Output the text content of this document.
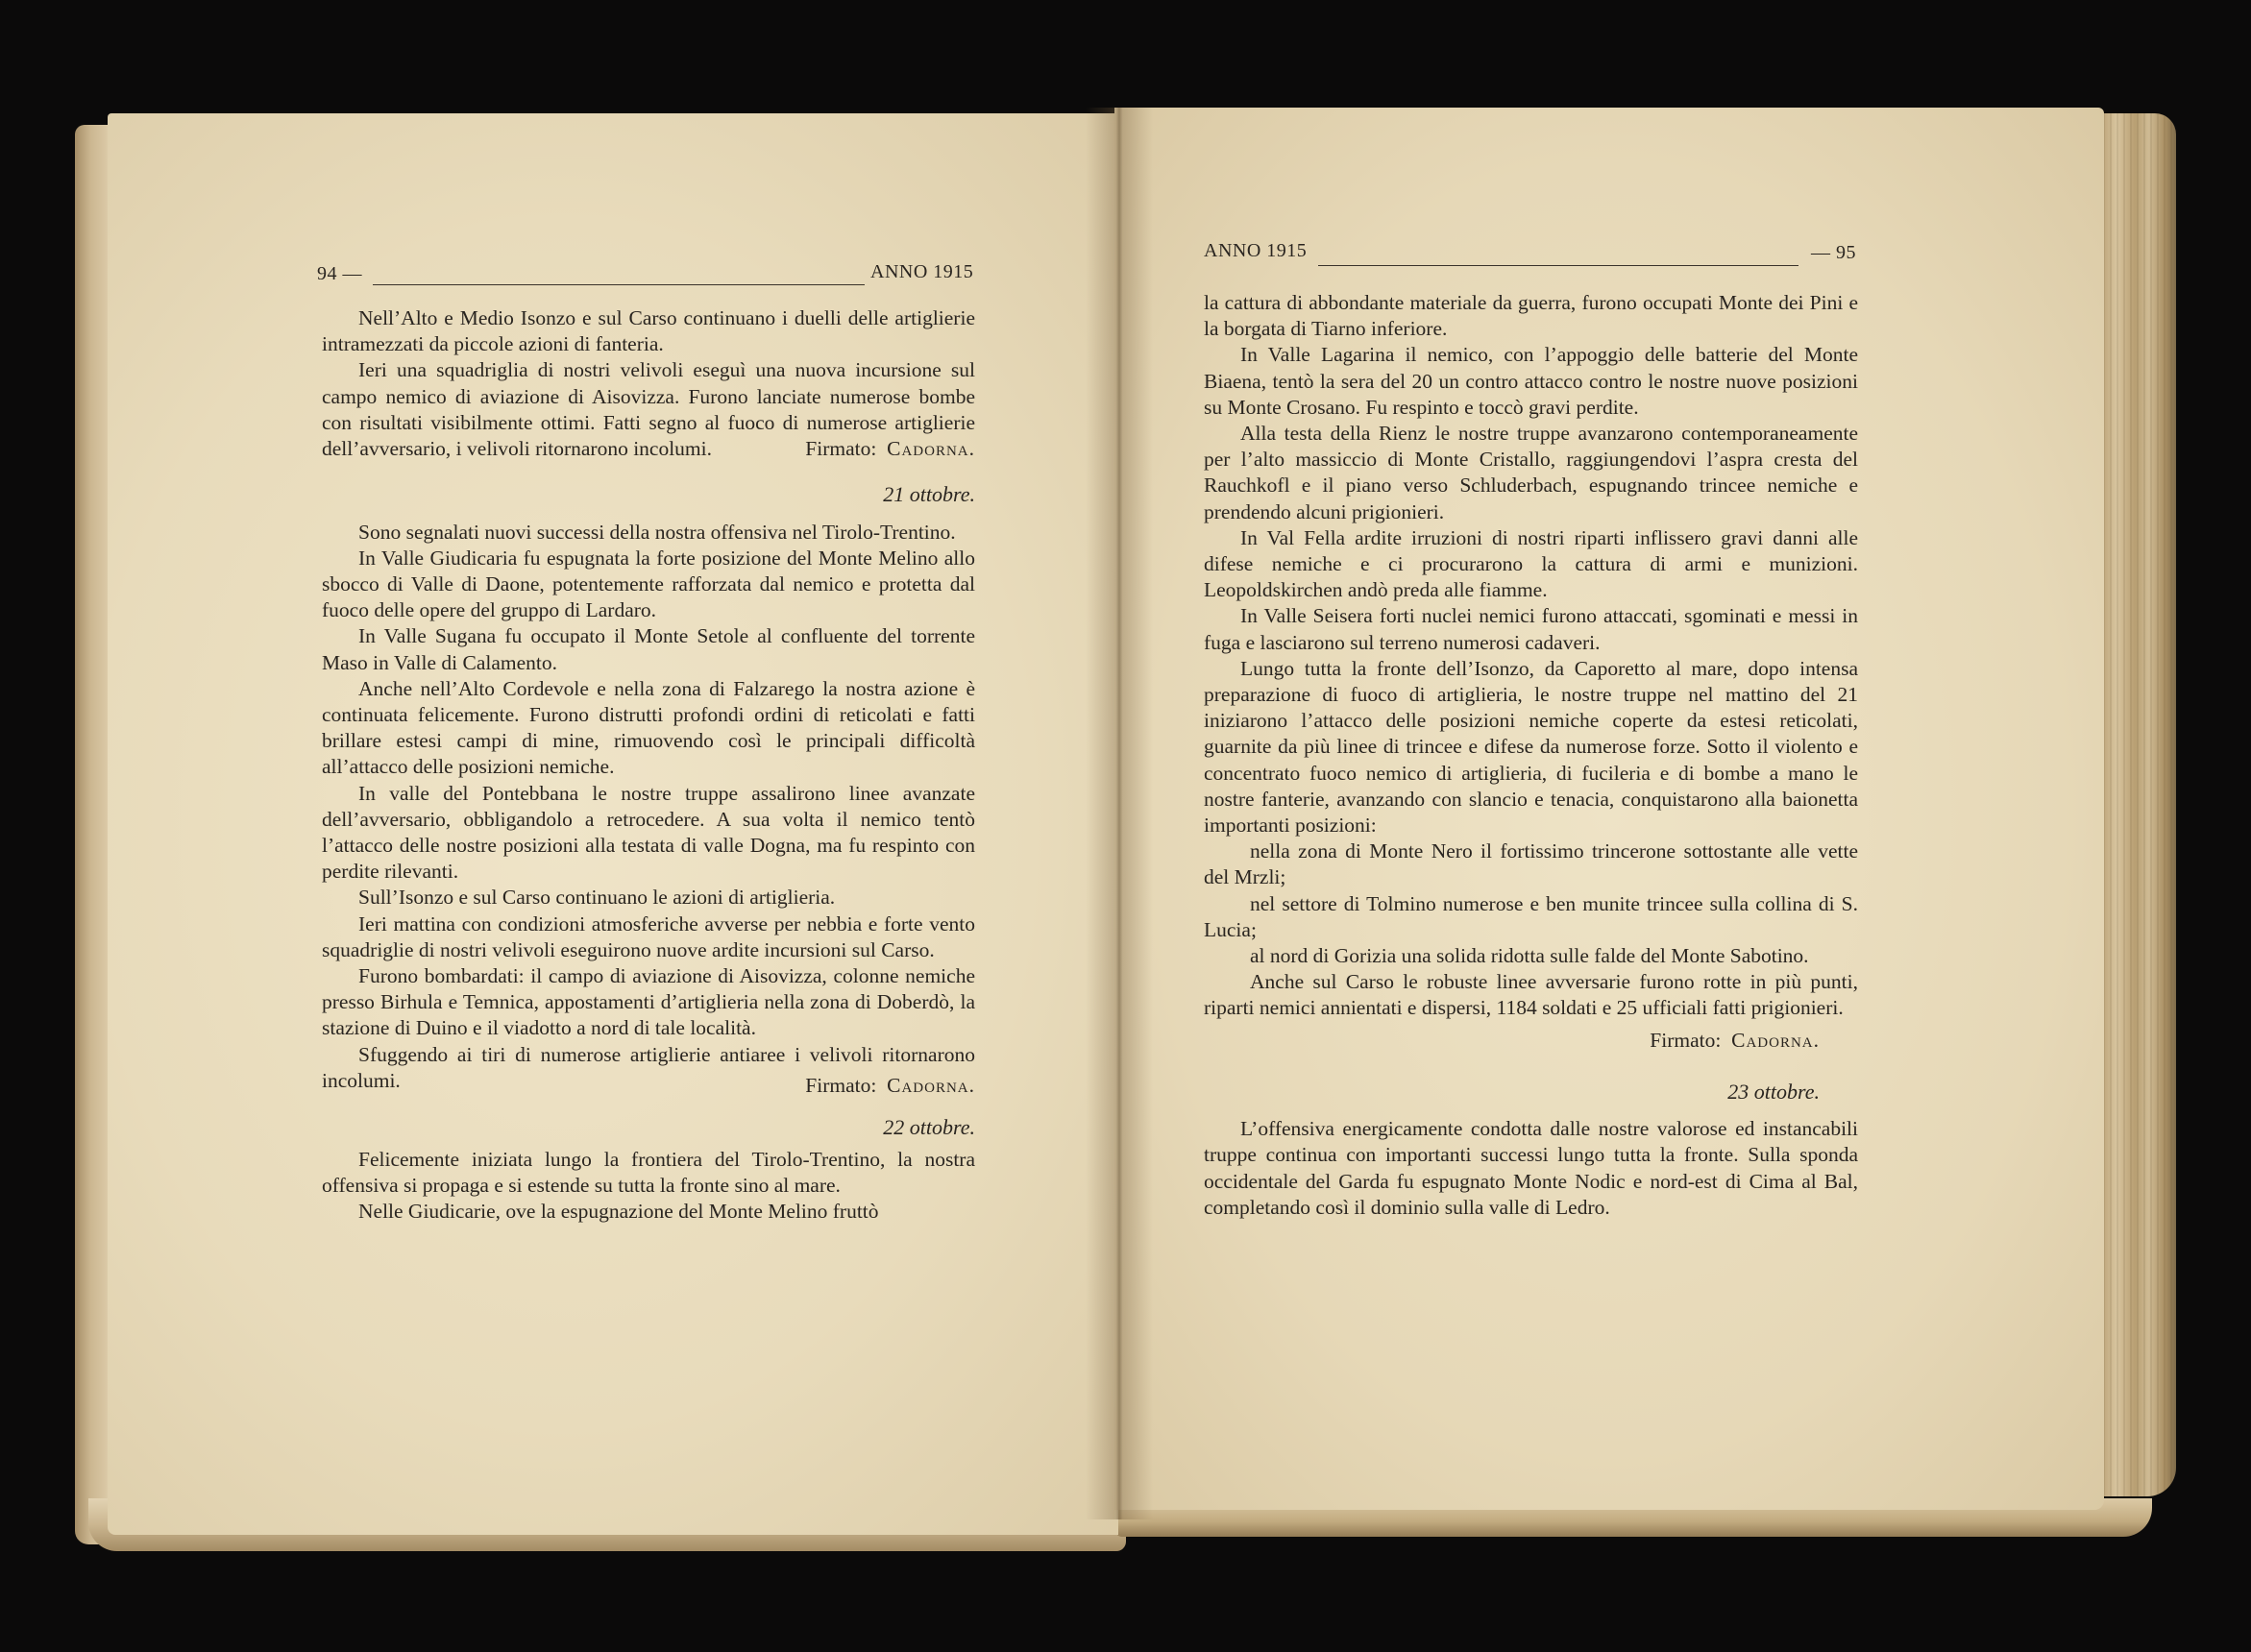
94 —	ANNO 1915

Nell’Alto e Medio Isonzo e sul Carso continuano i duelli delle artiglierie intramezzati da piccole azioni di fanteria.

Ieri una squadriglia di nostri velivoli eseguì una nuova incursione sul campo nemico di aviazione di Aisovizza. Furono lanciate numerose bombe con risultati visibilmente ottimi. Fatti segno al fuoco di numerose artiglierie dell’avversario, i velivoli ritornarono incolumi.	Firmato: Cadorna.

21 ottobre.

Sono segnalati nuovi successi della nostra offensiva nel Tirolo-Trentino.

In Valle Giudicaria fu espugnata la forte posizione del Monte Melino allo sbocco di Valle di Daone, potentemente rafforzata dal nemico e protetta dal fuoco delle opere del gruppo di Lardaro.

In Valle Sugana fu occupato il Monte Setole al confluente del torrente Maso in Valle di Calamento.

Anche nell’Alto Cordevole e nella zona di Falzarego la nostra azione è continuata felicemente. Furono distrutti profondi ordini di reticolati e fatti brillare estesi campi di mine, rimuovendo così le principali difficoltà all’attacco delle posizioni nemiche.

In valle del Pontebbana le nostre truppe assalirono linee avanzate dell’avversario, obbligandolo a retrocedere. A sua volta il nemico tentò l’attacco delle nostre posizioni alla testata di valle Dogna, ma fu respinto con perdite rilevanti.

Sull’Isonzo e sul Carso continuano le azioni di artiglieria.

Ieri mattina con condizioni atmosferiche avverse per nebbia e forte vento squadriglie di nostri velivoli eseguirono nuove ardite incursioni sul Carso.

Furono bombardati: il campo di aviazione di Aisovizza, colonne nemiche presso Birhula e Temnica, appostamenti d’artiglieria nella zona di Doberdò, la stazione di Duino e il viadotto a nord di tale località.

Sfuggendo ai tiri di numerose artiglierie antiaree i velivoli ritornarono incolumi.	Firmato: Cadorna.

22 ottobre.

Felicemente iniziata lungo la frontiera del Tirolo-Trentino, la nostra offensiva si propaga e si estende su tutta la fronte sino al mare.

Nelle Giudicarie, ove la espugnazione del Monte Melino fruttò

ANNO 1915	— 95

la cattura di abbondante materiale da guerra, furono occupati Monte dei Pini e la borgata di Tiarno inferiore.

In Valle Lagarina il nemico, con l’appoggio delle batterie del Monte Biaena, tentò la sera del 20 un contro attacco contro le nostre nuove posizioni su Monte Crosano. Fu respinto e toccò gravi perdite.

Alla testa della Rienz le nostre truppe avanzarono contemporaneamente per l’alto massiccio di Monte Cristallo, raggiungendovi l’aspra cresta del Rauchkofl e il piano verso Schluderbach, espugnando trincee nemiche e prendendo alcuni prigionieri.

In Val Fella ardite irruzioni di nostri riparti inflissero gravi danni alle difese nemiche e ci procurarono la cattura di armi e munizioni. Leopoldskirchen andò preda alle fiamme.

In Valle Seisera forti nuclei nemici furono attaccati, sgominati e messi in fuga e lasciarono sul terreno numerosi cadaveri.

Lungo tutta la fronte dell’Isonzo, da Caporetto al mare, dopo intensa preparazione di fuoco di artiglieria, le nostre truppe nel mattino del 21 iniziarono l’attacco delle posizioni nemiche coperte da estesi reticolati, guarnite da più linee di trincee e difese da numerose forze. Sotto il violento e concentrato fuoco nemico di artiglieria, di fucileria e di bombe a mano le nostre fanterie, avanzando con slancio e tenacia, conquistarono alla baionetta importanti posizioni:

nella zona di Monte Nero il fortissimo trincerone sottostante alle vette del Mrzli;

nel settore di Tolmino numerose e ben munite trincee sulla collina di S. Lucia;

al nord di Gorizia una solida ridotta sulle falde del Monte Sabotino.

Anche sul Carso le robuste linee avversarie furono rotte in più punti, riparti nemici annientati e dispersi, 1184 soldati e 25 ufficiali fatti prigionieri.

Firmato: Cadorna.

23 ottobre.

L’offensiva energicamente condotta dalle nostre valorose ed instancabili truppe continua con importanti successi lungo tutta la fronte. Sulla sponda occidentale del Garda fu espugnato Monte Nodic e nord-est di Cima al Bal, completando così il dominio sulla valle di Ledro.
